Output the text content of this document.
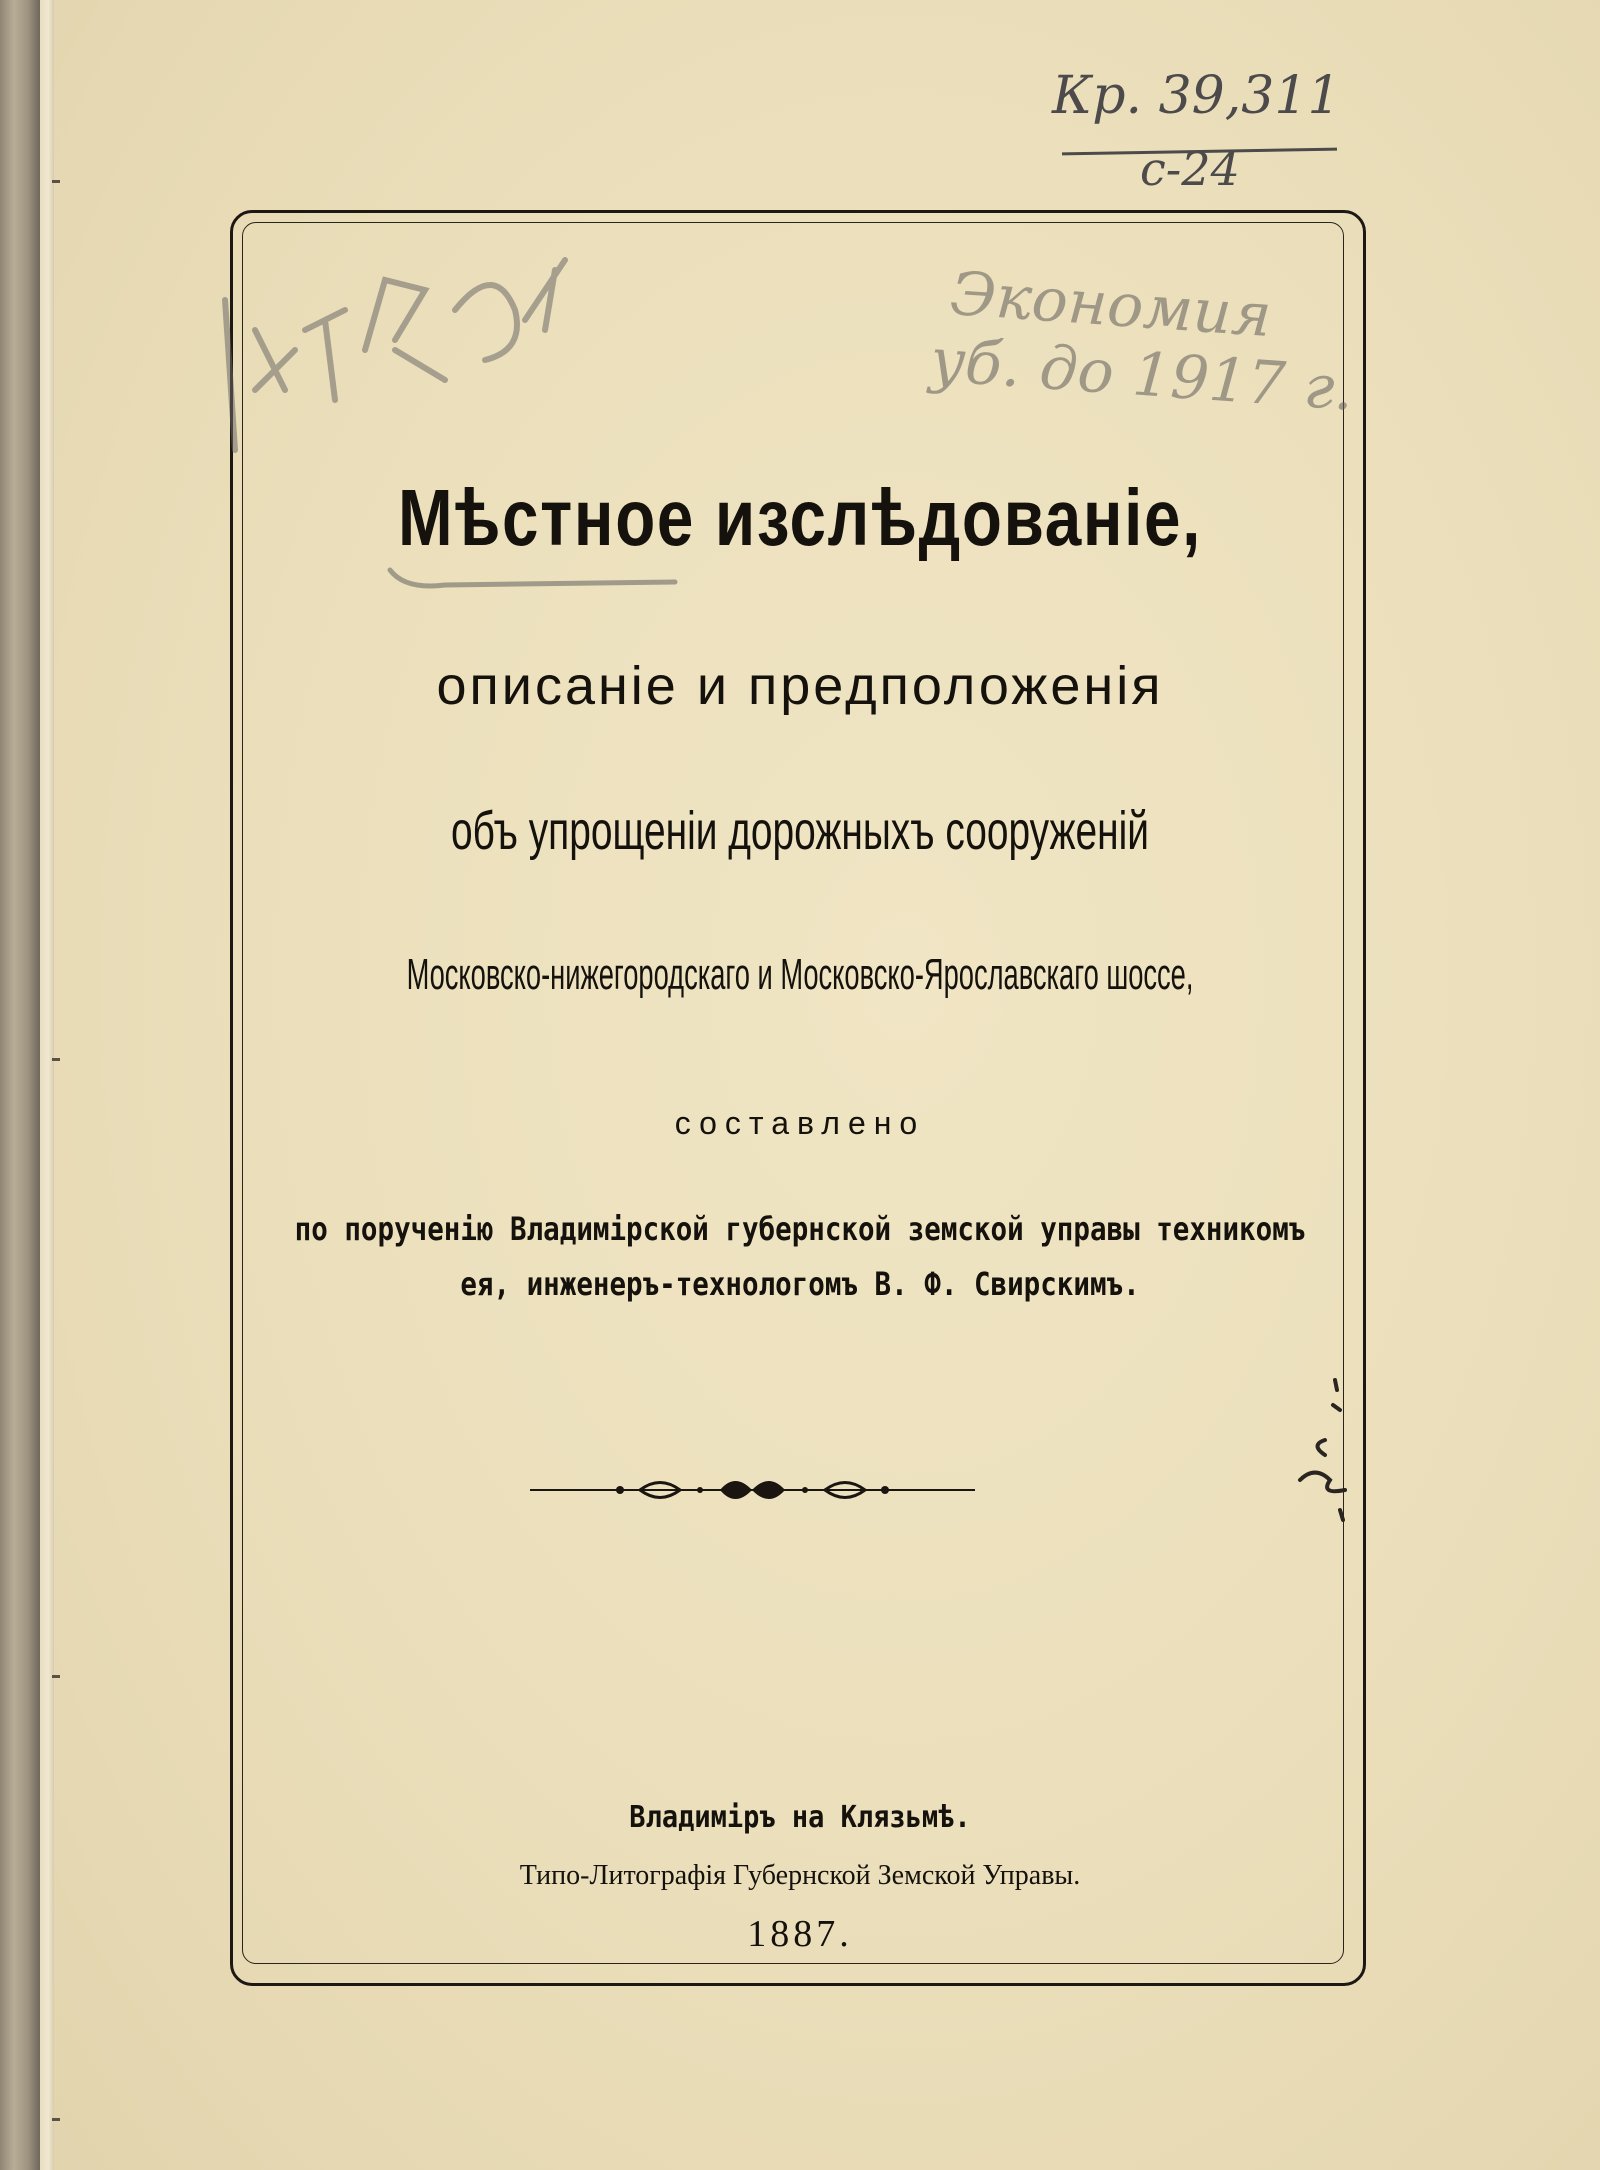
Кр. 39,311
с-24
Экономия
уб. до 1917 г.
Мѣстное изслѣдованіе,
описаніе и предположенія
объ упрощеніи дорожныхъ сооруженій
Московско-нижегородскаго и Московско-Ярославскаго шоссе,
составлено
по порученію Владимірской губернской земской управы техникомъ
ея, инженеръ-технологомъ В. Ф. Свирскимъ.
Владиміръ на Клязьмѣ.
Типо-Литографія Губернской Земской Управы.
1887.
